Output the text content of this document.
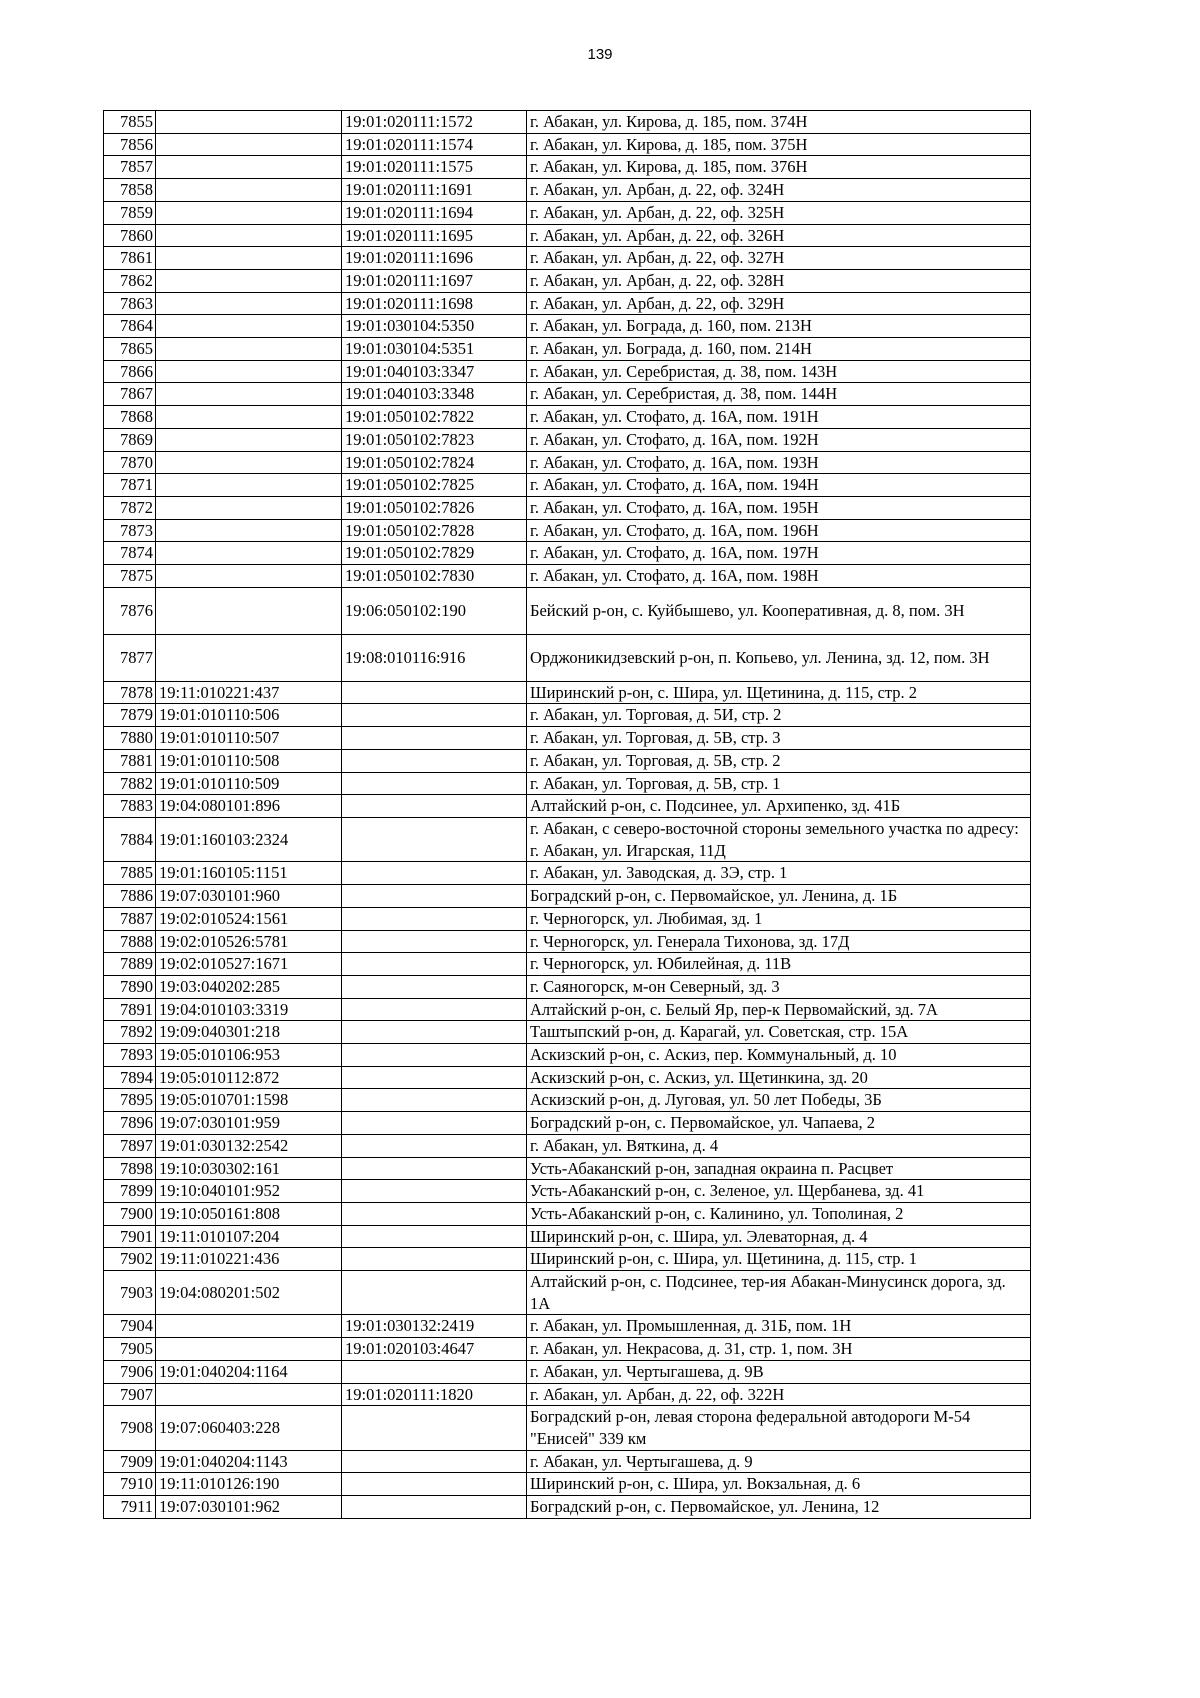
139
7855		19:01:020111:1572	г. Абакан, ул. Кирова, д. 185, пом. 374Н
7856		19:01:020111:1574	г. Абакан, ул. Кирова, д. 185, пом. 375Н
7857		19:01:020111:1575	г. Абакан, ул. Кирова, д. 185, пом. 376Н
7858		19:01:020111:1691	г. Абакан, ул. Арбан, д. 22, оф. 324Н
7859		19:01:020111:1694	г. Абакан, ул. Арбан, д. 22, оф. 325Н
7860		19:01:020111:1695	г. Абакан, ул. Арбан, д. 22, оф. 326Н
7861		19:01:020111:1696	г. Абакан, ул. Арбан, д. 22, оф. 327Н
7862		19:01:020111:1697	г. Абакан, ул. Арбан, д. 22, оф. 328Н
7863		19:01:020111:1698	г. Абакан, ул. Арбан, д. 22, оф. 329Н
7864		19:01:030104:5350	г. Абакан, ул. Бограда, д. 160, пом. 213Н
7865		19:01:030104:5351	г. Абакан, ул. Бограда, д. 160, пом. 214Н
7866		19:01:040103:3347	г. Абакан, ул. Серебристая, д. 38, пом. 143Н
7867		19:01:040103:3348	г. Абакан, ул. Серебристая, д. 38, пом. 144Н
7868		19:01:050102:7822	г. Абакан, ул. Стофато, д. 16А, пом. 191Н
7869		19:01:050102:7823	г. Абакан, ул. Стофато, д. 16А, пом. 192Н
7870		19:01:050102:7824	г. Абакан, ул. Стофато, д. 16А, пом. 193Н
7871		19:01:050102:7825	г. Абакан, ул. Стофато, д. 16А, пом. 194Н
7872		19:01:050102:7826	г. Абакан, ул. Стофато, д. 16А, пом. 195Н
7873		19:01:050102:7828	г. Абакан, ул. Стофато, д. 16А, пом. 196Н
7874		19:01:050102:7829	г. Абакан, ул. Стофато, д. 16А, пом. 197Н
7875		19:01:050102:7830	г. Абакан, ул. Стофато, д. 16А, пом. 198Н
7876		19:06:050102:190	Бейский р-он, с. Куйбышево, ул. Кооперативная, д. 8, пом. 3Н
7877		19:08:010116:916	Орджоникидзевский р-он, п. Копьево, ул. Ленина, зд. 12, пом. 3Н
7878	19:11:010221:437		Ширинский р-он, с. Шира, ул. Щетинина, д. 115, стр. 2
7879	19:01:010110:506		г. Абакан, ул. Торговая, д. 5И, стр. 2
7880	19:01:010110:507		г. Абакан, ул. Торговая, д. 5В, стр. 3
7881	19:01:010110:508		г. Абакан, ул. Торговая, д. 5В, стр. 2
7882	19:01:010110:509		г. Абакан, ул. Торговая, д. 5В, стр. 1
7883	19:04:080101:896		Алтайский р-он, с. Подсинее, ул. Архипенко, зд. 41Б
7884	19:01:160103:2324		г. Абакан, с северо-восточной стороны земельного участка по адресу: г. Абакан, ул. Игарская, 11Д
7885	19:01:160105:1151		г. Абакан, ул. Заводская, д. 3Э, стр. 1
7886	19:07:030101:960		Боградский р-он, с. Первомайское, ул. Ленина, д. 1Б
7887	19:02:010524:1561		г. Черногорск, ул. Любимая, зд. 1
7888	19:02:010526:5781		г. Черногорск, ул. Генерала Тихонова, зд. 17Д
7889	19:02:010527:1671		г. Черногорск, ул. Юбилейная, д. 11В
7890	19:03:040202:285		г. Саяногорск, м-он Северный, зд. 3
7891	19:04:010103:3319		Алтайский р-он, с. Белый Яр, пер-к Первомайский, зд. 7А
7892	19:09:040301:218		Таштыпский р-он, д. Карагай, ул. Советская, стр. 15А
7893	19:05:010106:953		Аскизский р-он, с. Аскиз, пер. Коммунальный, д. 10
7894	19:05:010112:872		Аскизский р-он, с. Аскиз, ул. Щетинкина, зд. 20
7895	19:05:010701:1598		Аскизский р-он, д. Луговая, ул. 50 лет Победы, 3Б
7896	19:07:030101:959		Боградский р-он, с. Первомайское, ул. Чапаева, 2
7897	19:01:030132:2542		г. Абакан, ул. Вяткина, д. 4
7898	19:10:030302:161		Усть-Абаканский р-он, западная окраина п. Расцвет
7899	19:10:040101:952		Усть-Абаканский р-он, с. Зеленое, ул. Щербанева, зд. 41
7900	19:10:050161:808		Усть-Абаканский р-он, с. Калинино, ул. Тополиная, 2
7901	19:11:010107:204		Ширинский р-он, с. Шира, ул. Элеваторная, д. 4
7902	19:11:010221:436		Ширинский р-он, с. Шира, ул. Щетинина, д. 115, стр. 1
7903	19:04:080201:502		Алтайский р-он, с. Подсинее, тер-ия Абакан-Минусинск дорога, зд. 1А
7904		19:01:030132:2419	г. Абакан, ул. Промышленная, д. 31Б, пом. 1Н
7905		19:01:020103:4647	г. Абакан, ул. Некрасова, д. 31, стр. 1, пом. 3Н
7906	19:01:040204:1164		г. Абакан, ул. Чертыгашева, д. 9В
7907		19:01:020111:1820	г. Абакан, ул. Арбан, д. 22, оф. 322Н
7908	19:07:060403:228		Боградский р-он, левая сторона федеральной автодороги М-54 "Енисей" 339 км
7909	19:01:040204:1143		г. Абакан, ул. Чертыгашева, д. 9
7910	19:11:010126:190		Ширинский р-он, с. Шира, ул. Вокзальная, д. 6
7911	19:07:030101:962		Боградский р-он, с. Первомайское, ул. Ленина, 12
